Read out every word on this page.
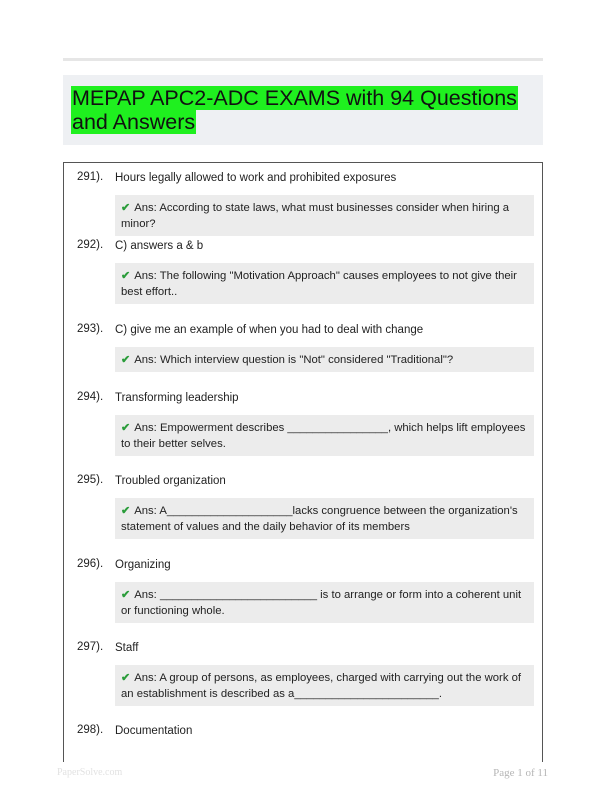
MEPAP APC2-ADC EXAMS with 94 Questions and Answers
291). Hours legally allowed to work and prohibited exposures
✔ Ans: According to state laws, what must businesses consider when hiring a minor?
292). C) answers a & b
✔ Ans: The following "Motivation Approach" causes employees to not give their best effort..
293). C) give me an example of when you had to deal with change
✔ Ans: Which interview question is "Not" considered "Traditional"?
294). Transforming leadership
✔ Ans: Empowerment describes ________________, which helps lift employees to their better selves.
295). Troubled organization
✔ Ans: A____________________lacks congruence between the organization's statement of values and the daily behavior of its members
296). Organizing
✔ Ans: _________________________ is to arrange or form into a coherent unit or functioning whole.
297). Staff
✔ Ans: A group of persons, as employees, charged with carrying out the work of an establishment is described as a_______________________.
298). Documentation
PaperSolve.com	Page 1 of 11
